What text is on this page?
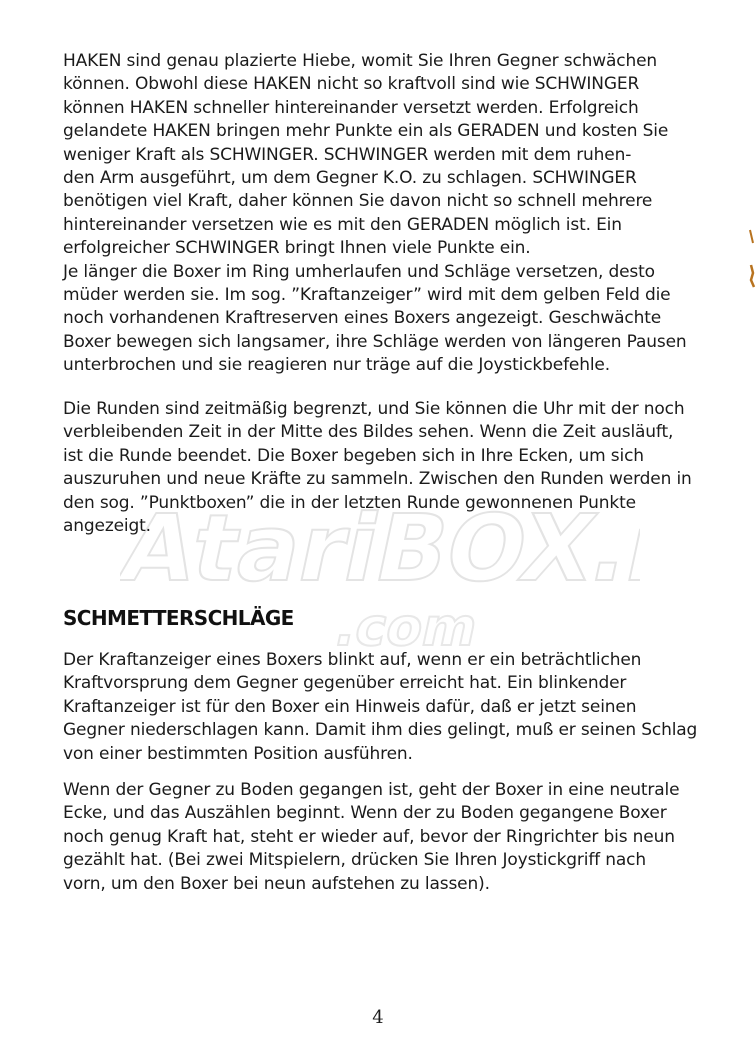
AtariBOX.ru
.com
HAKEN sind genau plazierte Hiebe, womit Sie Ihren Gegner schwächen
können. Obwohl diese HAKEN nicht so kraftvoll sind wie SCHWINGER
können HAKEN schneller hintereinander versetzt werden. Erfolgreich
gelandete HAKEN bringen mehr Punkte ein als GERADEN und kosten Sie
weniger Kraft als SCHWINGER. SCHWINGER werden mit dem ruhen-
den Arm ausgeführt, um dem Gegner K.O. zu schlagen. SCHWINGER
benötigen viel Kraft, daher können Sie davon nicht so schnell mehrere
hintereinander versetzen wie es mit den GERADEN möglich ist. Ein
erfolgreicher SCHWINGER bringt Ihnen viele Punkte ein.
Je länger die Boxer im Ring umherlaufen und Schläge versetzen, desto
müder werden sie. Im sog. ”Kraftanzeiger” wird mit dem gelben Feld die
noch vorhandenen Kraftreserven eines Boxers angezeigt. Geschwächte
Boxer bewegen sich langsamer, ihre Schläge werden von längeren Pausen
unterbrochen und sie reagieren nur träge auf die Joystickbefehle.
Die Runden sind zeitmäßig begrenzt, und Sie können die Uhr mit der noch
verbleibenden Zeit in der Mitte des Bildes sehen. Wenn die Zeit ausläuft,
ist die Runde beendet. Die Boxer begeben sich in Ihre Ecken, um sich
auszuruhen und neue Kräfte zu sammeln. Zwischen den Runden werden in
den sog. ”Punktboxen” die in der letzten Runde gewonnenen Punkte
angezeigt.
SCHMETTERSCHLÄGE
Der Kraftanzeiger eines Boxers blinkt auf, wenn er ein beträchtlichen
Kraftvorsprung dem Gegner gegenüber erreicht hat. Ein blinkender
Kraftanzeiger ist für den Boxer ein Hinweis dafür, daß er jetzt seinen
Gegner niederschlagen kann. Damit ihm dies gelingt, muß er seinen Schlag
von einer bestimmten Position ausführen.
Wenn der Gegner zu Boden gegangen ist, geht der Boxer in eine neutrale
Ecke, und das Auszählen beginnt. Wenn der zu Boden gegangene Boxer
noch genug Kraft hat, steht er wieder auf, bevor der Ringrichter bis neun
gezählt hat. (Bei zwei Mitspielern, drücken Sie Ihren Joystickgriff nach
vorn, um den Boxer bei neun aufstehen zu lassen).
4
